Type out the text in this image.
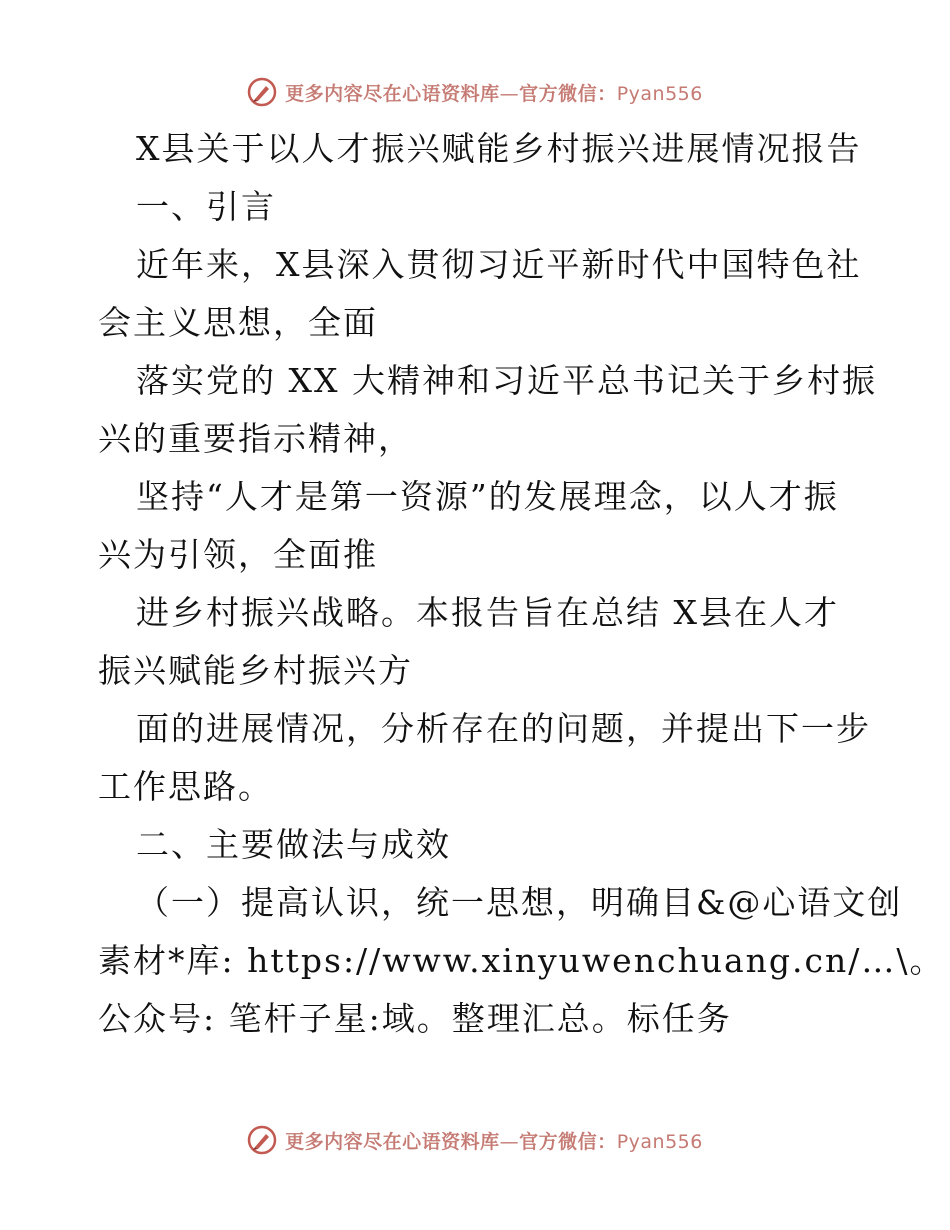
更多内容尽在心语资料库—官方微信：Pyan556
X县关于以人才振兴赋能乡村振兴进展情况报告
一、引言
近年来，X县深入贯彻习近平新时代中国特色社
会主义思想，全面
落实党的 XX 大精神和习近平总书记关于乡村振
兴的重要指示精神，
坚持“人才是第一资源”的发展理念，以人才振
兴为引领，全面推
进乡村振兴战略。本报告旨在总结 X县在人才
振兴赋能乡村振兴方
面的进展情况，分析存在的问题，并提出下一步
工作思路。
二、主要做法与成效
（一）提高认识，统一思想，明确目&@心语文创
素材*库: https://www.xinyuwenchuang.cn/…\。
公众号: 笔杆子星:域。整理汇总。标任务
更多内容尽在心语资料库—官方微信：Pyan556
